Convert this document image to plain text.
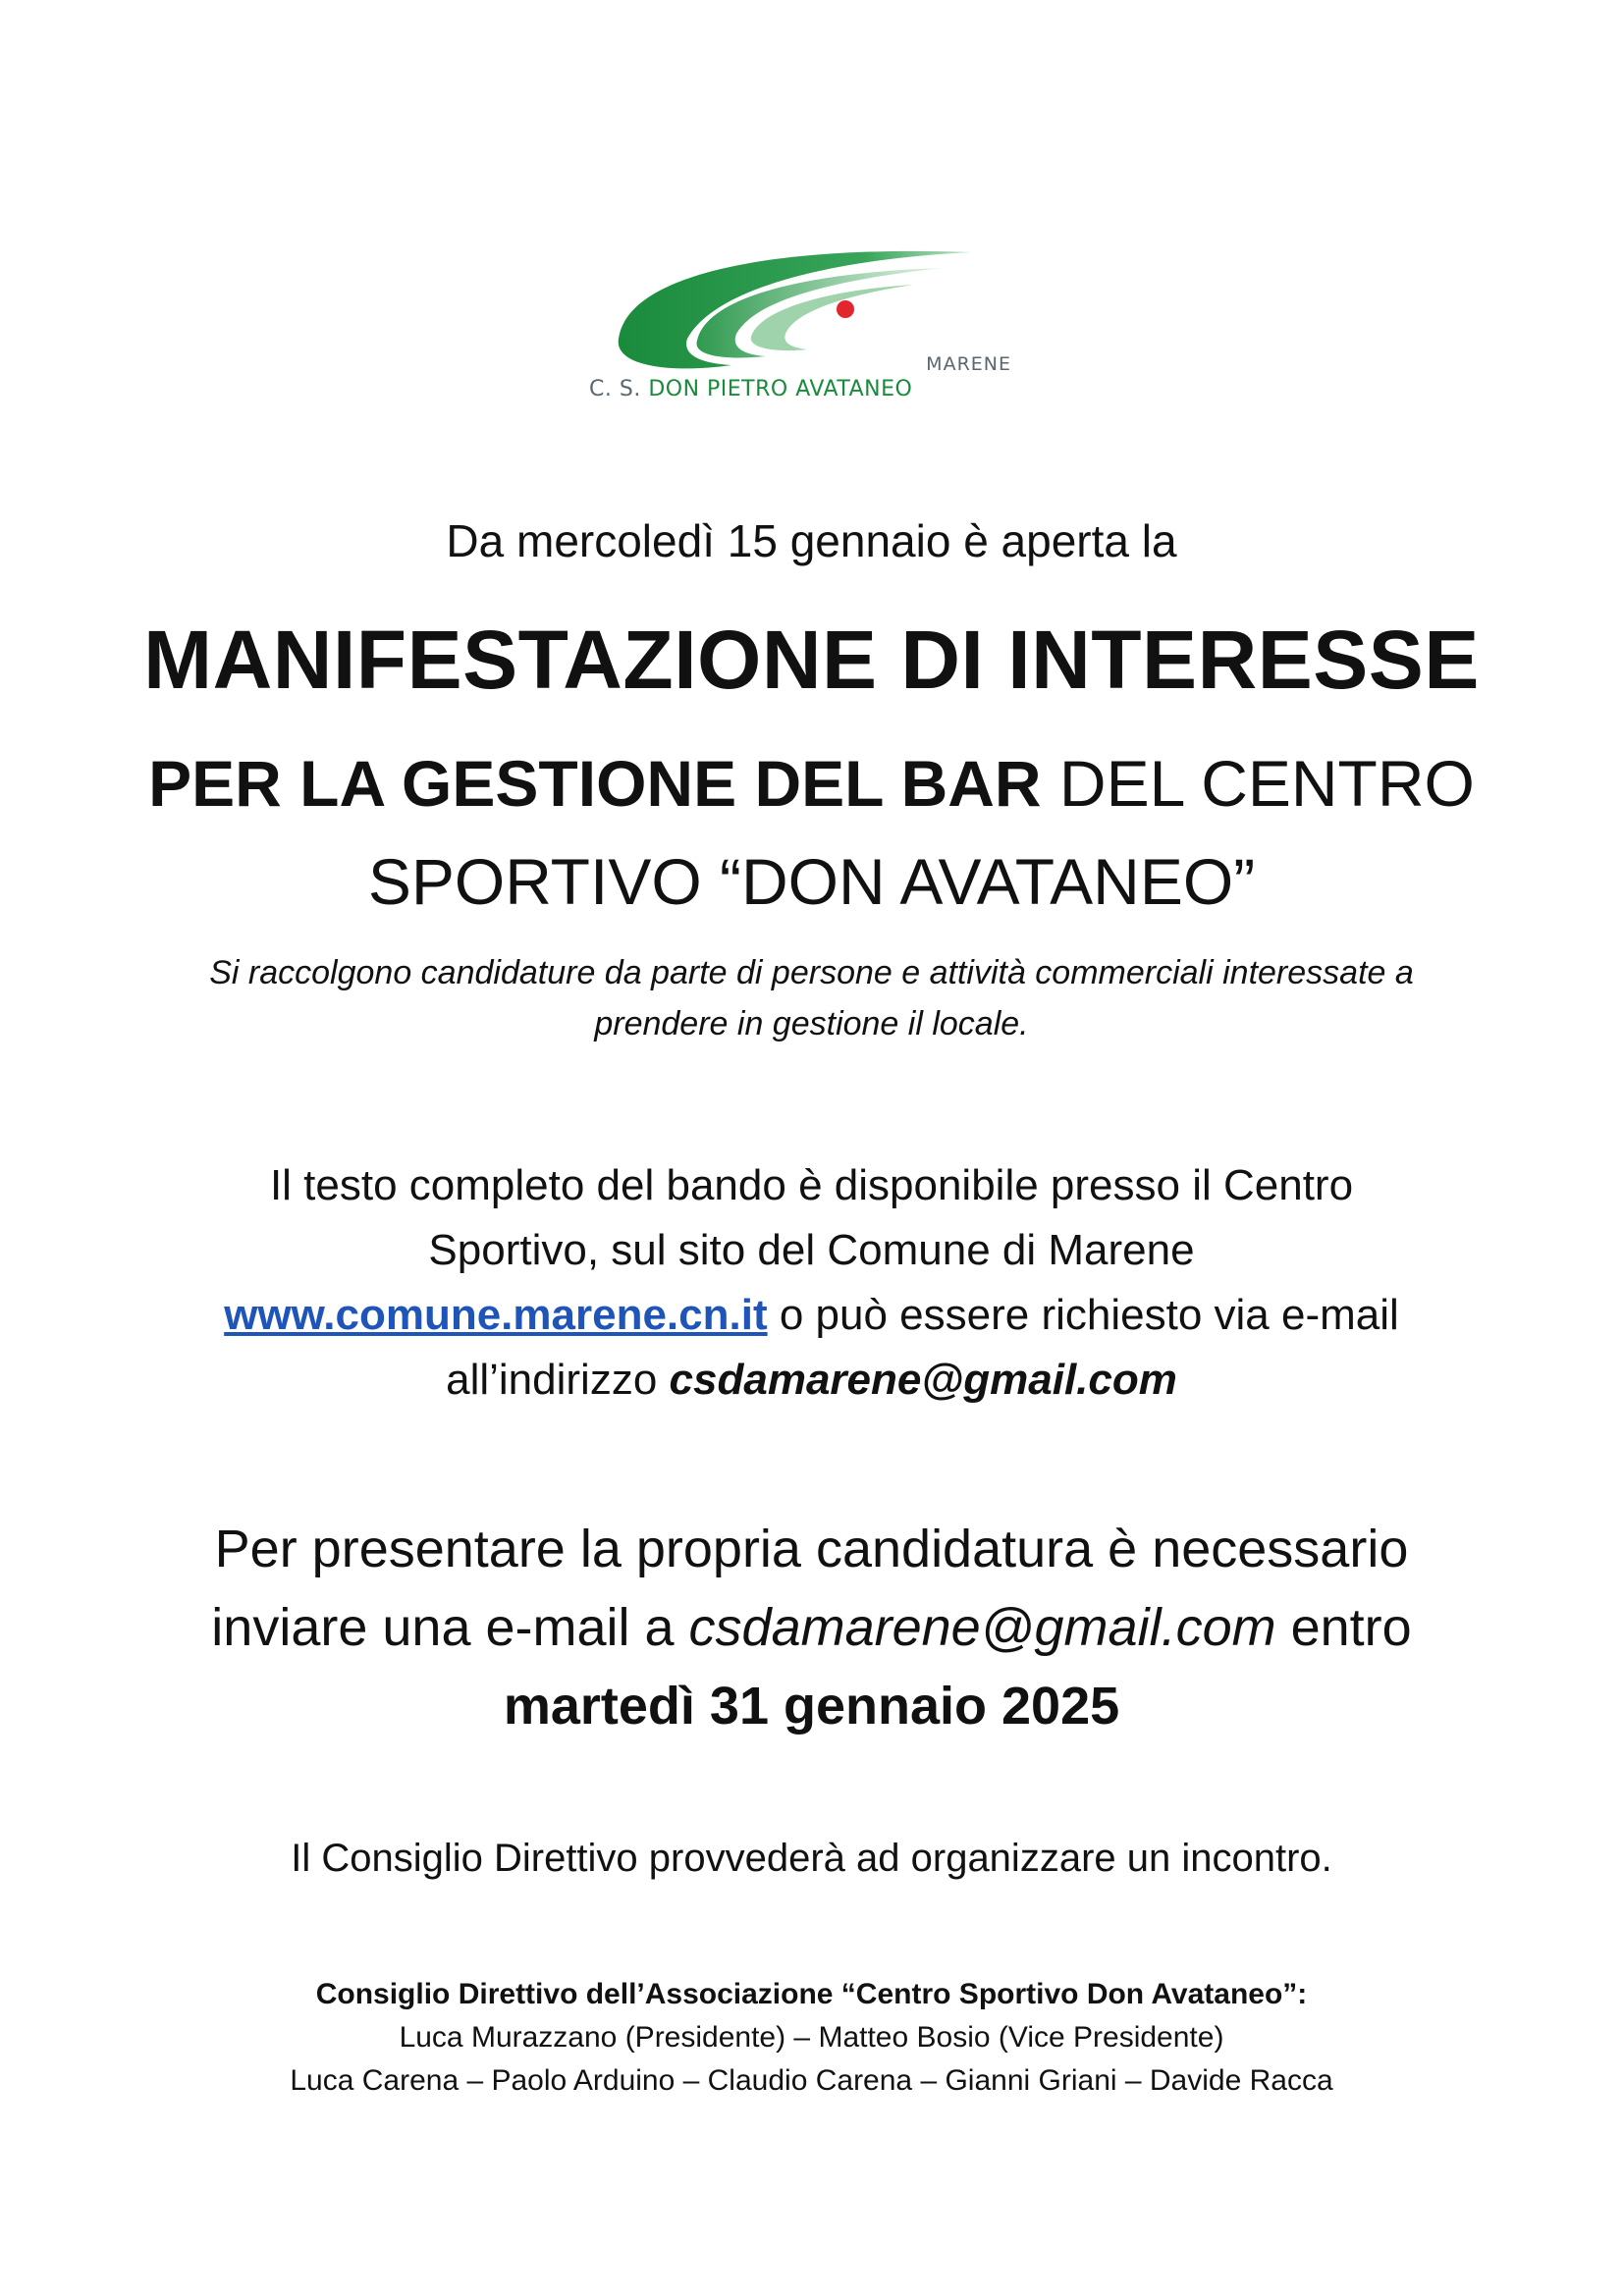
MARENE
C. S. DON PIETRO AVATANEO
Da mercoledì 15 gennaio è aperta la
MANIFESTAZIONE DI INTERESSE
PER LA GESTIONE DEL BAR DEL CENTRO
SPORTIVO “DON AVATANEO”
Si raccolgono candidature da parte di persone e attività commerciali interessate a
prendere in gestione il locale.
Il testo completo del bando è disponibile presso il Centro
Sportivo, sul sito del Comune di Marene
www.comune.marene.cn.it o può essere richiesto via e-mail
all’indirizzo csdamarene@gmail.com
Per presentare la propria candidatura è necessario
inviare una e-mail a csdamarene@gmail.com entro
martedì 31 gennaio 2025
Il Consiglio Direttivo provvederà ad organizzare un incontro.
Consiglio Direttivo dell’Associazione “Centro Sportivo Don Avataneo”:
Luca Murazzano (Presidente) – Matteo Bosio (Vice Presidente)
Luca Carena – Paolo Arduino – Claudio Carena – Gianni Griani – Davide Racca
